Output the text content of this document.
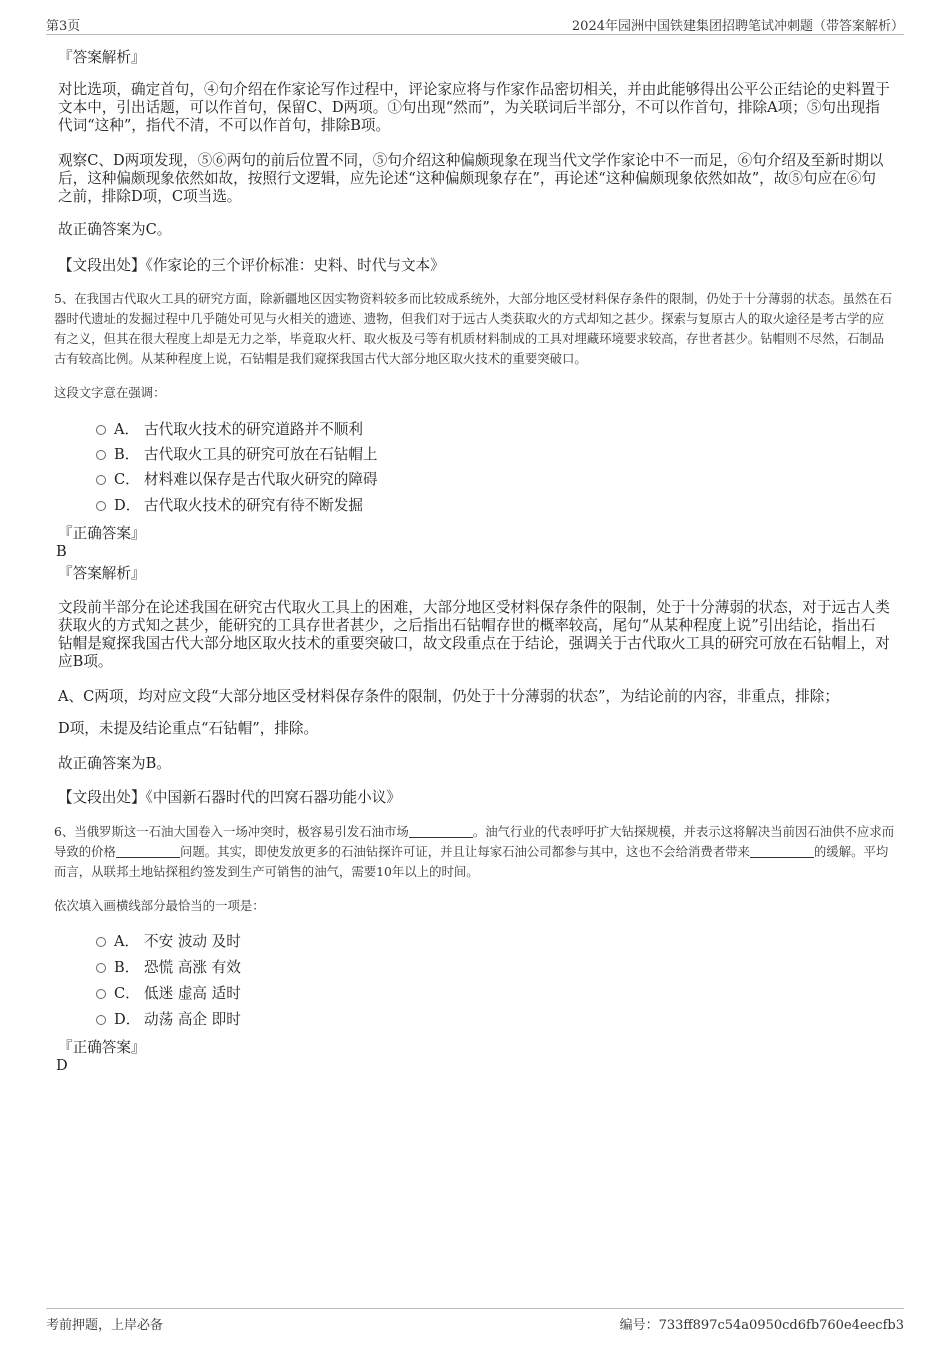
第3页	2024年园洲中国铁建集团招聘笔试冲刺题（带答案解析）
『答案解析』

对比选项，确定首句，④句介绍在作家论写作过程中，评论家应将与作家作品密切相关，并由此能够得出公平公正结论的史料置于文本中，引出话题，可以作首句，保留C、D两项。①句出现“然而”，为关联词后半部分，不可以作首句，排除A项；⑤句出现指代词“这种”，指代不清，不可以作首句，排除B项。

观察C、D两项发现，⑤⑥两句的前后位置不同，⑤句介绍这种偏颇现象在现当代文学作家论中不一而足，⑥句介绍及至新时期以后，这种偏颇现象依然如故，按照行文逻辑，应先论述“这种偏颇现象存在”，再论述“这种偏颇现象依然如故”，故⑤句应在⑥句之前，排除D项，C项当选。

故正确答案为C。

【文段出处】《作家论的三个评价标准：史料、时代与文本》

5、在我国古代取火工具的研究方面，除新疆地区因实物资料较多而比较成系统外，大部分地区受材料保存条件的限制，仍处于十分薄弱的状态。虽然在石器时代遗址的发掘过程中几乎随处可见与火相关的遗迹、遗物，但我们对于远古人类获取火的方式却知之甚少。探索与复原古人的取火途径是考古学的应有之义，但其在很大程度上却是无力之举，毕竟取火杆、取火板及弓等有机质材料制成的工具对埋藏环境要求较高，存世者甚少。钻帽则不尽然，石制品古有较高比例。从某种程度上说，石钻帽是我们窥探我国古代大部分地区取火技术的重要突破口。

这段文字意在强调：

A． 古代取火技术的研究道路并不顺利
B． 古代取火工具的研究可放在石钻帽上
C． 材料难以保存是古代取火研究的障碍
D． 古代取火技术的研究有待不断发掘
『正确答案』
B
『答案解析』

文段前半部分在论述我国在研究古代取火工具上的困难，大部分地区受材料保存条件的限制，处于十分薄弱的状态，对于远古人类获取火的方式知之甚少，能研究的工具存世者甚少，之后指出石钻帽存世的概率较高，尾句“从某种程度上说”引出结论，指出石钻帽是窥探我国古代大部分地区取火技术的重要突破口，故文段重点在于结论，强调关于古代取火工具的研究可放在石钻帽上，对应B项。

A、C两项，均对应文段“大部分地区受材料保存条件的限制，仍处于十分薄弱的状态”，为结论前的内容，非重点，排除；

D项，未提及结论重点“石钻帽”，排除。

故正确答案为B。

【文段出处】《中国新石器时代的凹窝石器功能小议》

6、当俄罗斯这一石油大国卷入一场冲突时，极容易引发石油市场	。油气行业的代表呼吁扩大钻探规模，并表示这将解决当前因石油供不应求而导致的价格	问题。其实，即使发放更多的石油钻探许可证，并且让每家石油公司都参与其中，这也不会给消费者带来	的缓解。平均而言，从联邦土地钻探租约签发到生产可销售的油气，需要10年以上的时间。

依次填入画横线部分最恰当的一项是：

A． 不安 波动 及时
B． 恐慌 高涨 有效
C． 低迷 虚高 适时
D． 动荡 高企 即时
『正确答案』
D
考前押题，上岸必备	编号：733ff897c54a0950cd6fb760e4eecfb3
